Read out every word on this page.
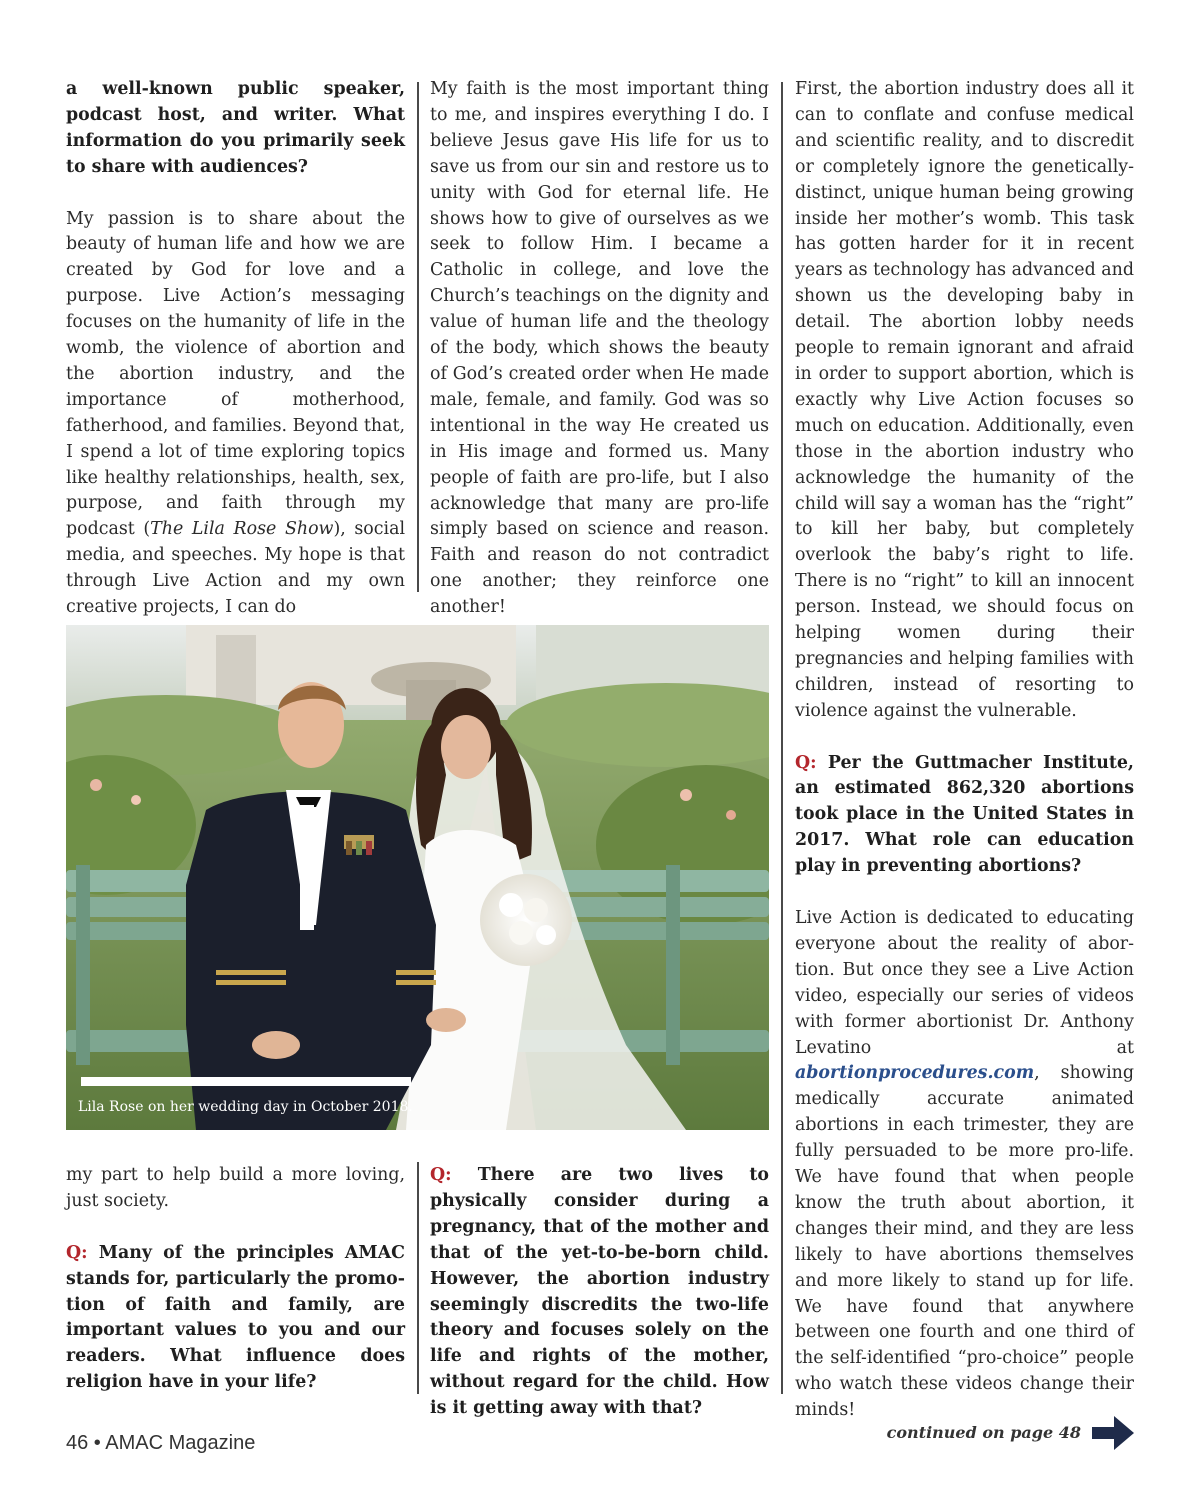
a well-known public speaker, podcast host, and writer. What information do you primarily seek to share with audiences?

My passion is to share about the beauty of human life and how we are created by God for love and a purpose. Live Action’s messaging focuses on the humanity of life in the womb, the violence of abortion and the abortion industry, and the importance of motherhood, fatherhood, and families. Beyond that, I spend a lot of time exploring topics like healthy relationships, health, sex, purpose, and faith through my podcast (The Lila Rose Show), social media, and speeches. My hope is that through Live Action and my own creative projects, I can do

My faith is the most important thing to me, and inspires everything I do. I believe Jesus gave His life for us to save us from our sin and restore us to unity with God for eternal life. He shows how to give of ourselves as we seek to follow Him. I became a Catholic in college, and love the Church’s teachings on the dignity and value of human life and the theology of the body, which shows the beauty of God’s created order when He made male, female, and family. God was so intentional in the way He created us in His image and formed us. Many people of faith are pro-life, but I also acknowledge that many are pro-life simply based on science and reason. Faith and reason do not contradict one another; they reinforce one another!

Lila Rose on her wedding day in October 2018.

my part to help build a more loving, just society.

Q: Many of the principles AMAC stands for, particularly the promotion of faith and family, are important values to you and our readers. What influence does religion have in your life?

Q: There are two lives to physically consider during a pregnancy, that of the mother and that of the yet-to-be-born child. However, the abortion industry seemingly discredits the two-life theory and focuses solely on the life and rights of the mother, without regard for the child. How is it getting away with that?

First, the abortion industry does all it can to conflate and confuse medical and scientific reality, and to discredit or completely ignore the genetically-distinct, unique human being growing inside her mother’s womb. This task has gotten harder for it in recent years as technology has advanced and shown us the developing baby in detail. The abortion lobby needs people to remain ignorant and afraid in order to support abortion, which is exactly why Live Action focuses so much on education. Additionally, even those in the abortion industry who acknowledge the humanity of the child will say a woman has the “right” to kill her baby, but completely overlook the baby’s right to life. There is no “right” to kill an innocent person. Instead, we should focus on helping women during their pregnancies and helping families with children, instead of resorting to violence against the vulnerable.

Q: Per the Guttmacher Institute, an estimated 862,320 abortions took place in the United States in 2017. What role can education play in preventing abortions?

Live Action is dedicated to educating everyone about the reality of abortion. But once they see a Live Action video, especially our series of videos with former abortionist Dr. Anthony Levatino at abortionprocedures.com, showing medically accurate animated abortions in each trimester, they are fully persuaded to be more pro-life. We have found that when people know the truth about abortion, it changes their mind, and they are less likely to have abortions themselves and more likely to stand up for life. We have found that anywhere between one fourth and one third of the self-identified “pro-choice” people who watch these videos change their minds!

46 • AMAC Magazine	continued on page 48
